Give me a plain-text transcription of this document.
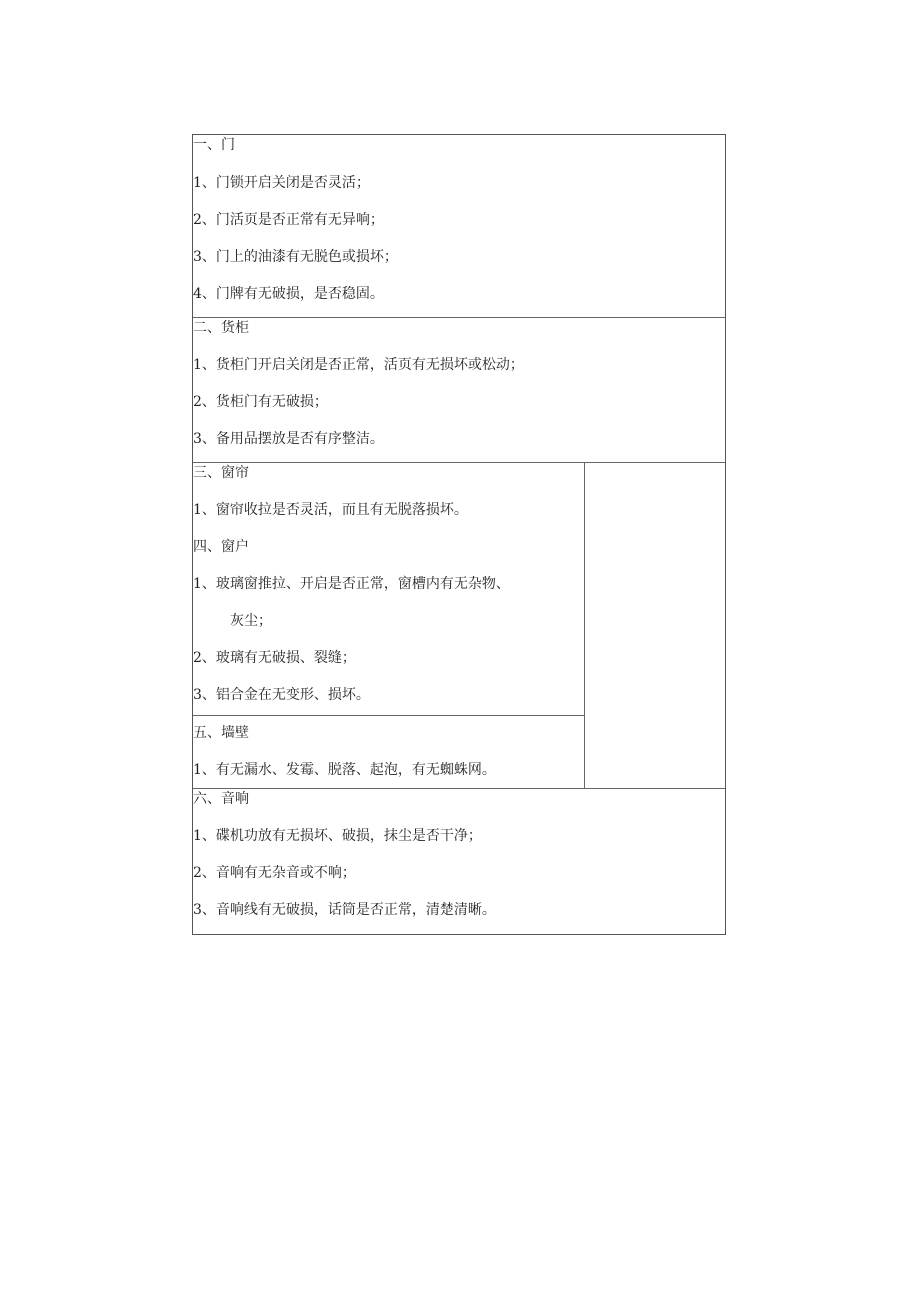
一、门
1、门锁开启关闭是否灵活；
2、门活页是否正常有无异响；
3、门上的油漆有无脱色或损坏；
4、门牌有无破损，是否稳固。
二、货柜
1、货柜门开启关闭是否正常，活页有无损坏或松动；
2、货柜门有无破损；
3、备用品摆放是否有序整洁。
三、窗帘
1、窗帘收拉是否灵活，而且有无脱落损坏。
四、窗户
1、玻璃窗推拉、开启是否正常，窗槽内有无杂物、
灰尘；
2、玻璃有无破损、裂缝；
3、铝合金在无变形、损坏。
五、墙壁
1、有无漏水、发霉、脱落、起泡，有无蜘蛛网。
六、音响
1、碟机功放有无损坏、破损，抹尘是否干净；
2、音响有无杂音或不响；
3、音响线有无破损，话筒是否正常，清楚清晰。
